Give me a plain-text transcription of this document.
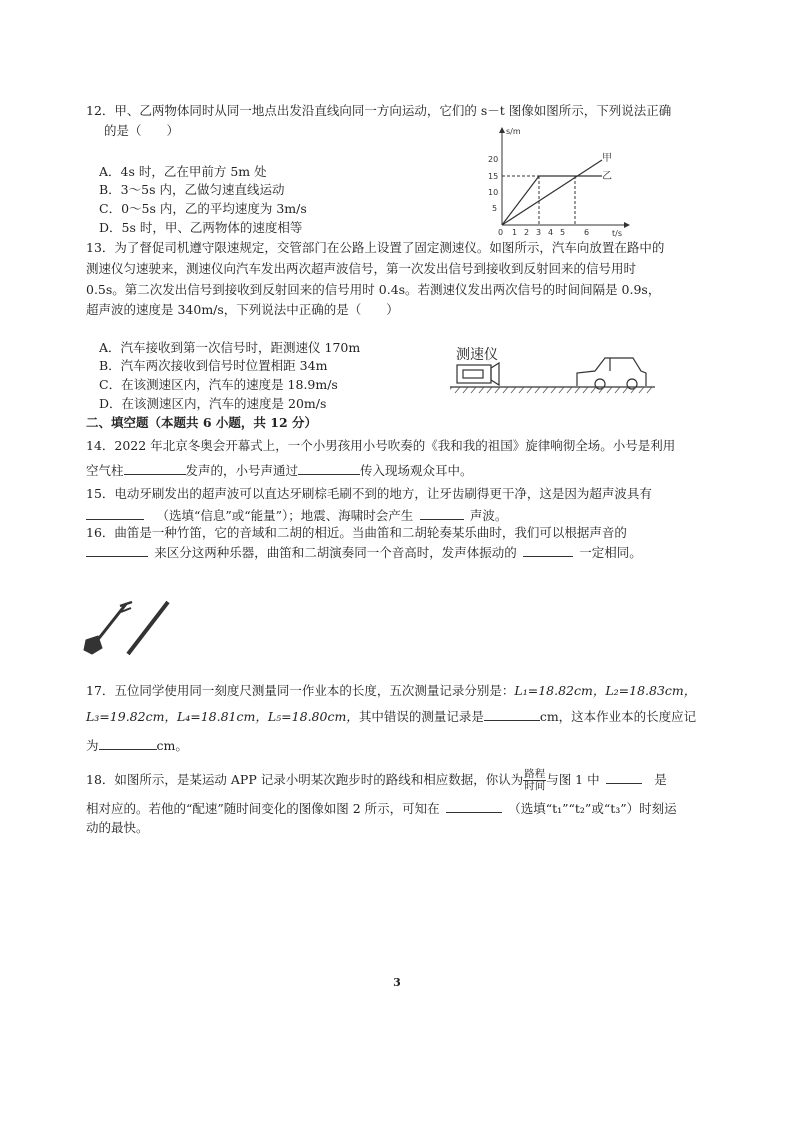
12．甲、乙两物体同时从同一地点出发沿直线向同一方向运动，它们的 s－t 图像如图所示，下列说法正确
的是（　　）
A．4s 时，乙在甲前方 5m 处
B．3～5s 内，乙做匀速直线运动
C．0～5s 内，乙的平均速度为 3m/s
D．5s 时，甲、乙两物体的速度相等
s/m
t/s
20
15
10
5
0 1 2 3 4 5 6
甲
乙
13．为了督促司机遵守限速规定，交管部门在公路上设置了固定测速仪。如图所示，汽车向放置在路中的
测速仪匀速驶来，测速仪向汽车发出两次超声波信号，第一次发出信号到接收到反射回来的信号用时
0.5s。第二次发出信号到接收到反射回来的信号用时 0.4s。若测速仪发出两次信号的时间间隔是 0.9s，
超声波的速度是 340m/s，下列说法中正确的是（　　）
A．汽车接收到第一次信号时，距测速仪 170m
B．汽车两次接收到信号时位置相距 34m
C．在该测速区内，汽车的速度是 18.9m/s
D．在该测速区内，汽车的速度是 20m/s
测速仪
二、填空题（本题共 6 小题，共 12 分）
14．2022 年北京冬奥会开幕式上，一个小男孩用小号吹奏的《我和我的祖国》旋律响彻全场。小号是利用
空气柱	发声的，小号声通过	传入现场观众耳中。
15．电动牙刷发出的超声波可以直达牙刷棕毛刷不到的地方，让牙齿刷得更干净，这是因为超声波具有
 （选填“信息”或“能量”）；地震、海啸时会产生  	声波。
16．曲笛是一种竹笛，它的音域和二胡的相近。当曲笛和二胡轮奏某乐曲时，我们可以根据声音的
 来区分这两种乐器，曲笛和二胡演奏同一个音高时，发声体振动的  	一定相同。
17．五位同学使用同一刻度尺测量同一作业本的长度，五次测量记录分别是：L₁=18.82cm，L₂=18.83cm，
L₃=19.82cm，L₄=18.81cm，L₅=18.80cm，其中错误的测量记录是	cm，这本作业本的长度应记
为	cm。
18．如图所示，是某运动 APP 记录小明某次跑步时的路线和相应数据，你认为 $\frac{\text{路程}}{\text{时间}}$ 与图 1 中  	是
相对应的。若他的“配速”随时间变化的图像如图 2 所示，可知在  	（选填“t₁”“t₂”或“t₃”）时刻运
动的最快。
3
